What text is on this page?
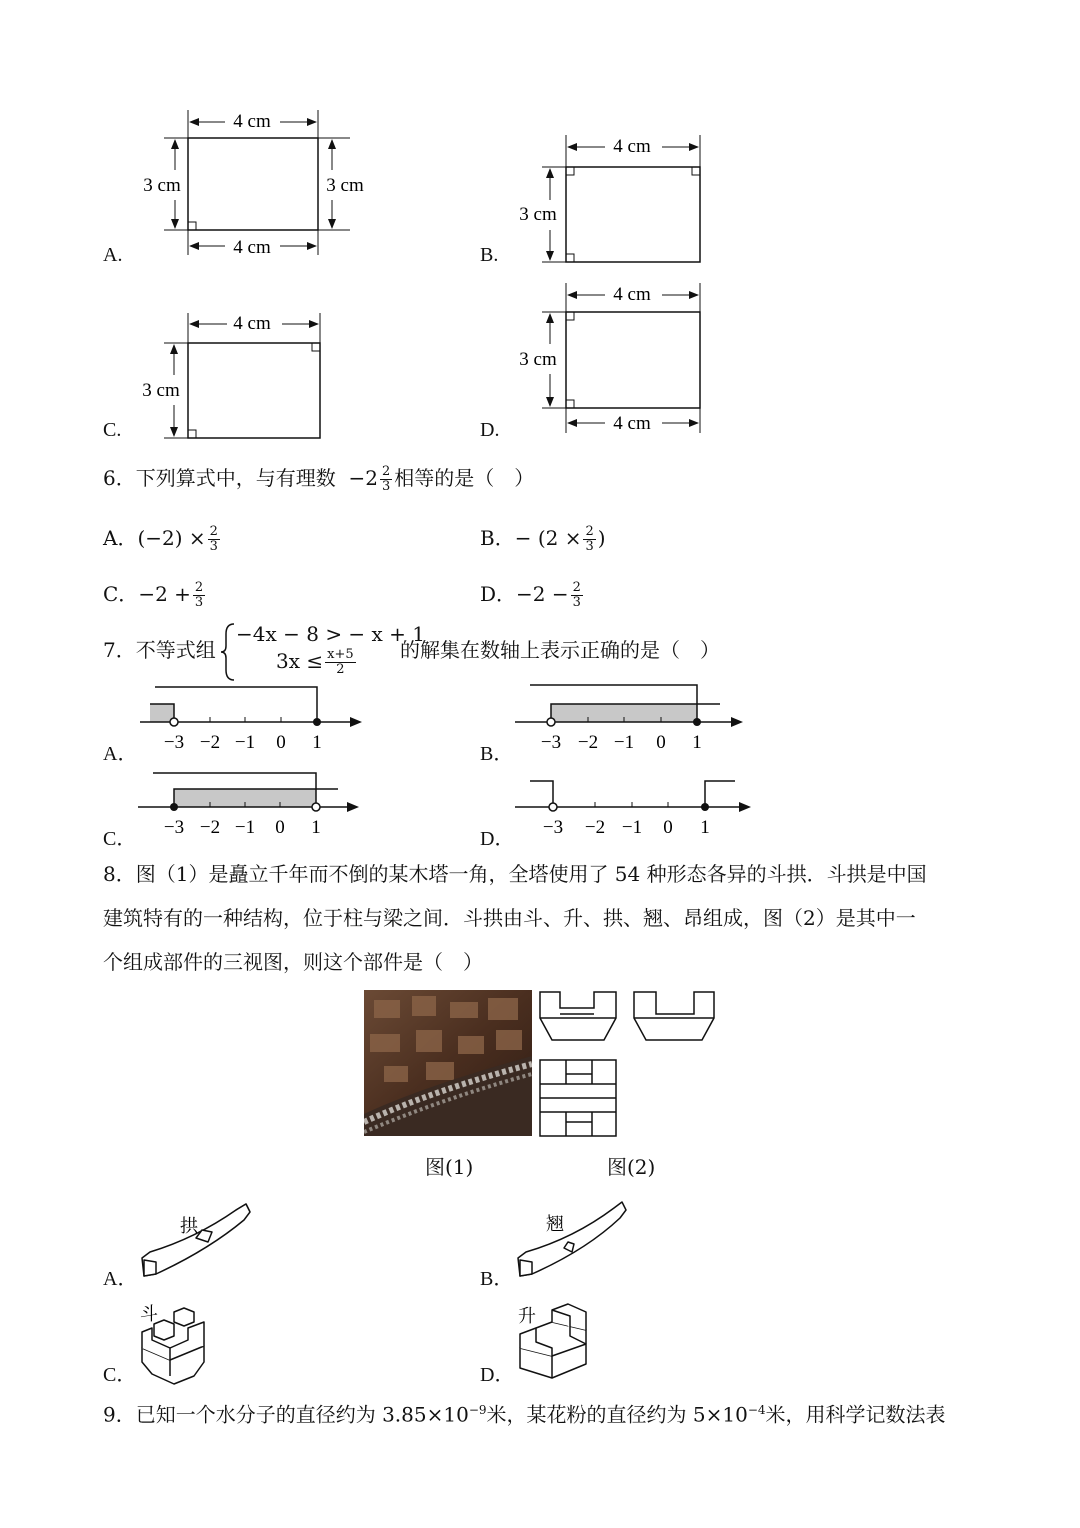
4 cm
4 cm
3 cm	3 cm
A.
4 cm
3 cm
B.
4 cm
3 cm
C.
4 cm
4 cm
3 cm
D.
6．下列算式中，与有理数 $-2 \frac{2}{3}$ 相等的是（　）
A．$(-2) \times \frac{2}{3}$	B．− ($2 \times \frac{2}{3}$ )
C．$-2 + \frac{2}{3}$	D．$-2 - \frac{2}{3}$
7．不等式组
−4x − 8 > − x + 1
$3x \le \frac{x+5}{2}$ 的解集在数轴上表示正确的是（　）
−3 −2 −1 0 1
A．
−3 −2 −1 0 1
B．
−3 −2 −1 0 1
C．
−3 −2 −1 0 1
D．
8．图（1）是矗立千年而不倒的某木塔一角，全塔使用了 54 种形态各异的斗拱．斗拱是中国
建筑特有的一种结构，位于柱与梁之间．斗拱由斗、升、拱、翘、昂组成，图（2）是其中一
个组成部件的三视图，则这个部件是（　）
图(1)	图(2)
拱
A．
翘
B．
斗
C．
升
D．
9．已知一个水分子的直径约为 $3.85\times 10^{-9}$米，某花粉的直径约为 $5\times 10^{-4}$米，用科学记数法表
